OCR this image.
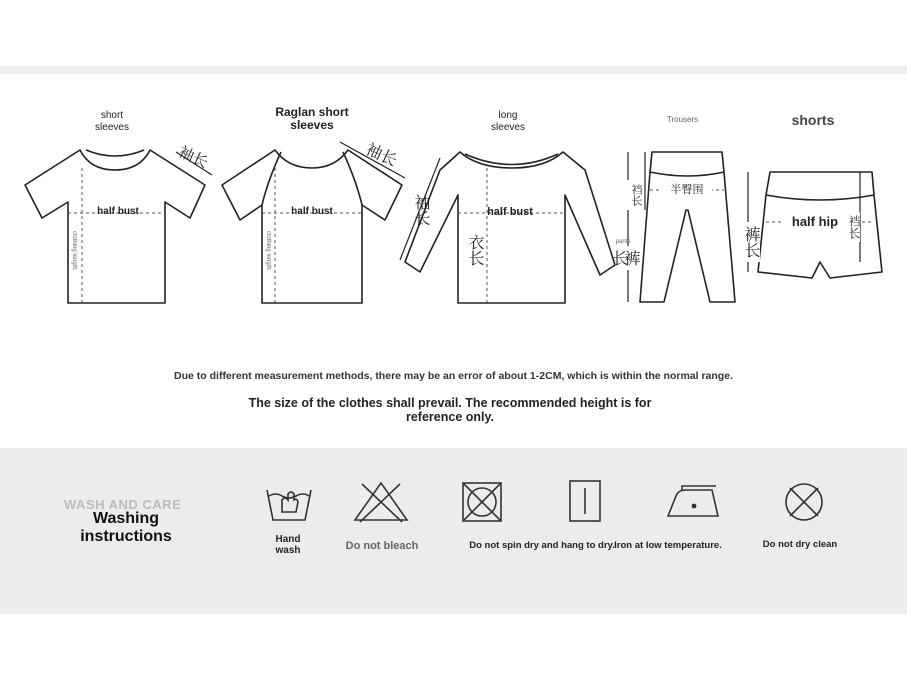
short
sleeves
Raglan short
sleeves
long
sleeves
Trousers	shorts
half bust
clothing length
袖长
half bust
clothing length
袖长
half bust
衣长
袖长
半臀围
裆长
裤长
pants
half hip 裆长
裤长
Due to different measurement methods, there may be an error of about 1-2CM, which is within the normal range.
The size of the clothes shall prevail. The recommended height is for reference only.
WASH AND CARE
Washing instructions	Hand
wash	Do not bleach	Do not spin dry and hang to dry. Iron at low temperature.	Do not dry clean
